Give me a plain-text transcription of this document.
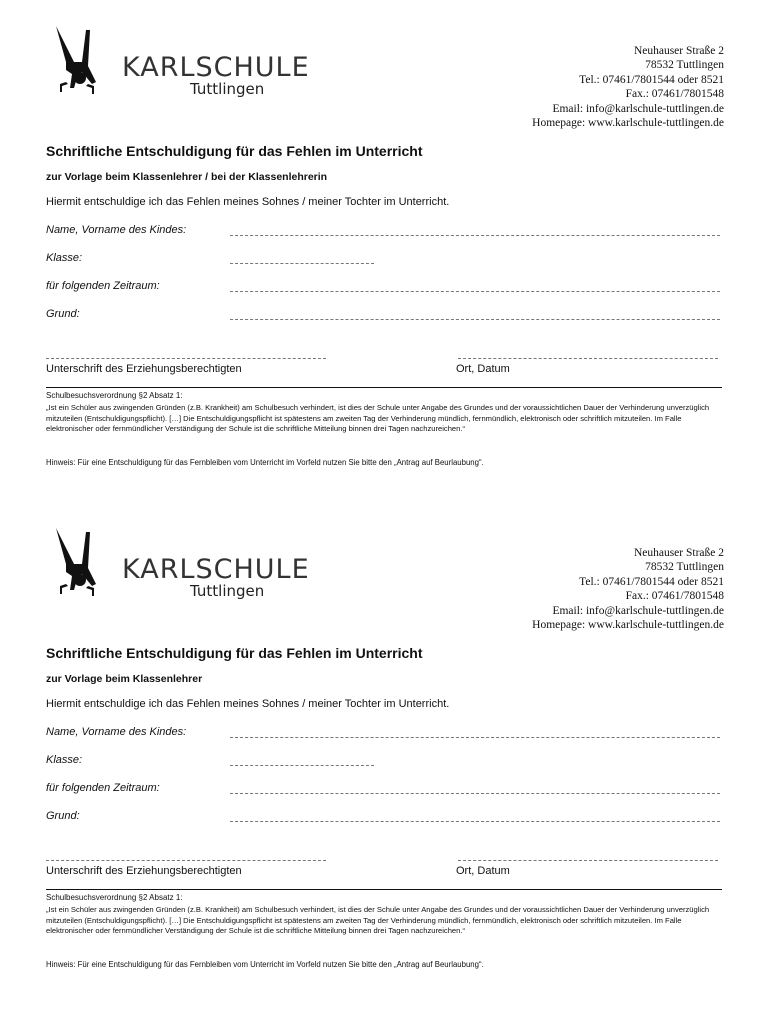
KARLSCHULE
Tuttlingen
Neuhauser Straße 2
78532 Tuttlingen
Tel.: 07461/7801544 oder 8521
Fax.: 07461/7801548
Email: info@karlschule-tuttlingen.de
Homepage: www.karlschule-tuttlingen.de
Schriftliche Entschuldigung für das Fehlen im Unterricht
zur Vorlage beim Klassenlehrer / bei der Klassenlehrerin
Hiermit entschuldige ich das Fehlen meines Sohnes / meiner Tochter im Unterricht.
Name, Vorname des Kindes:
Klasse:
für folgenden Zeitraum:
Grund:
Unterschrift des Erziehungsberechtigten	Ort, Datum
Schulbesuchsverordnung §2 Absatz 1:
„Ist ein Schüler aus zwingenden Gründen (z.B. Krankheit) am Schulbesuch verhindert, ist dies der Schule unter Angabe des Grundes und der voraussichtlichen Dauer der Verhinderung unverzüglich mitzuteilen (Entschuldigungspflicht). […] Die Entschuldigungspflicht ist spätestens am zweiten Tag der Verhinderung mündlich, fernmündlich, elektronisch oder schriftlich mitzuteilen. Im Falle elektronischer oder fernmündlicher Verständigung der Schule ist die schriftliche Mitteilung binnen drei Tagen nachzureichen.“
Hinweis: Für eine Entschuldigung für das Fernbleiben vom Unterricht im Vorfeld nutzen Sie bitte den „Antrag auf Beurlaubung“.
KARLSCHULE
Tuttlingen
Neuhauser Straße 2
78532 Tuttlingen
Tel.: 07461/7801544 oder 8521
Fax.: 07461/7801548
Email: info@karlschule-tuttlingen.de
Homepage: www.karlschule-tuttlingen.de
Schriftliche Entschuldigung für das Fehlen im Unterricht
zur Vorlage beim Klassenlehrer
Hiermit entschuldige ich das Fehlen meines Sohnes / meiner Tochter im Unterricht.
Name, Vorname des Kindes:
Klasse:
für folgenden Zeitraum:
Grund:
Unterschrift des Erziehungsberechtigten	Ort, Datum
Schulbesuchsverordnung §2 Absatz 1:
„Ist ein Schüler aus zwingenden Gründen (z.B. Krankheit) am Schulbesuch verhindert, ist dies der Schule unter Angabe des Grundes und der voraussichtlichen Dauer der Verhinderung unverzüglich mitzuteilen (Entschuldigungspflicht). […] Die Entschuldigungspflicht ist spätestens am zweiten Tag der Verhinderung mündlich, fernmündlich, elektronisch oder schriftlich mitzuteilen. Im Falle elektronischer oder fernmündlicher Verständigung der Schule ist die schriftliche Mitteilung binnen drei Tagen nachzureichen.“
Hinweis: Für eine Entschuldigung für das Fernbleiben vom Unterricht im Vorfeld nutzen Sie bitte den „Antrag auf Beurlaubung“.
